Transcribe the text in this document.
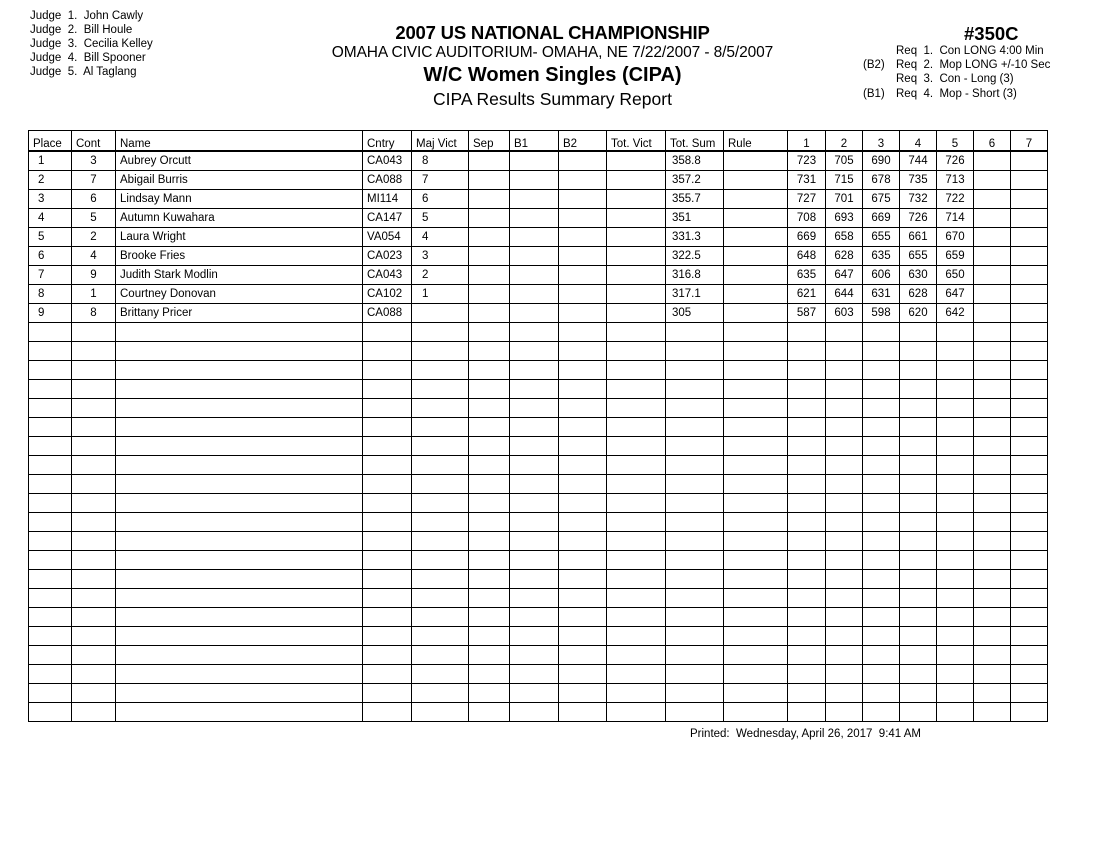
Judge  1.  John Cawly
Judge  2.  Bill Houle
Judge  3.  Cecilia Kelley
Judge  4.  Bill Spooner
Judge  5.  Al Taglang
2007 US NATIONAL CHAMPIONSHIP
OMAHA CIVIC AUDITORIUM- OMAHA, NE 7/22/2007 - 8/5/2007
W/C Women Singles (CIPA)
CIPA Results Summary Report
#350C
Req  1.  Con LONG 4:00 Min
(B2) Req  2.  Mop LONG +/-10 Sec
Req  3.  Con - Long (3)
(B1) Req  4.  Mop - Short (3)
Place	Cont	Name	Cntry	Maj Vict	Sep	B1	B2	Tot. Vict	Tot. Sum	Rule	1	2	3	4	5	6	7
1	3	Aubrey Orcutt	CA043	8					358.8		723	705	690	744	726		
2	7	Abigail Burris	CA088	7					357.2		731	715	678	735	713		
3	6	Lindsay Mann	MI114	6					355.7		727	701	675	732	722		
4	5	Autumn Kuwahara	CA147	5					351		708	693	669	726	714		
5	2	Laura Wright	VA054	4					331.3		669	658	655	661	670		
6	4	Brooke Fries	CA023	3					322.5		648	628	635	655	659		
7	9	Judith Stark Modlin	CA043	2					316.8		635	647	606	630	650		
8	1	Courtney Donovan	CA102	1					317.1		621	644	631	628	647		
9	8	Brittany Pricer	CA088						305		587	603	598	620	642		

Printed:  Wednesday, April 26, 2017  9:41 AM
